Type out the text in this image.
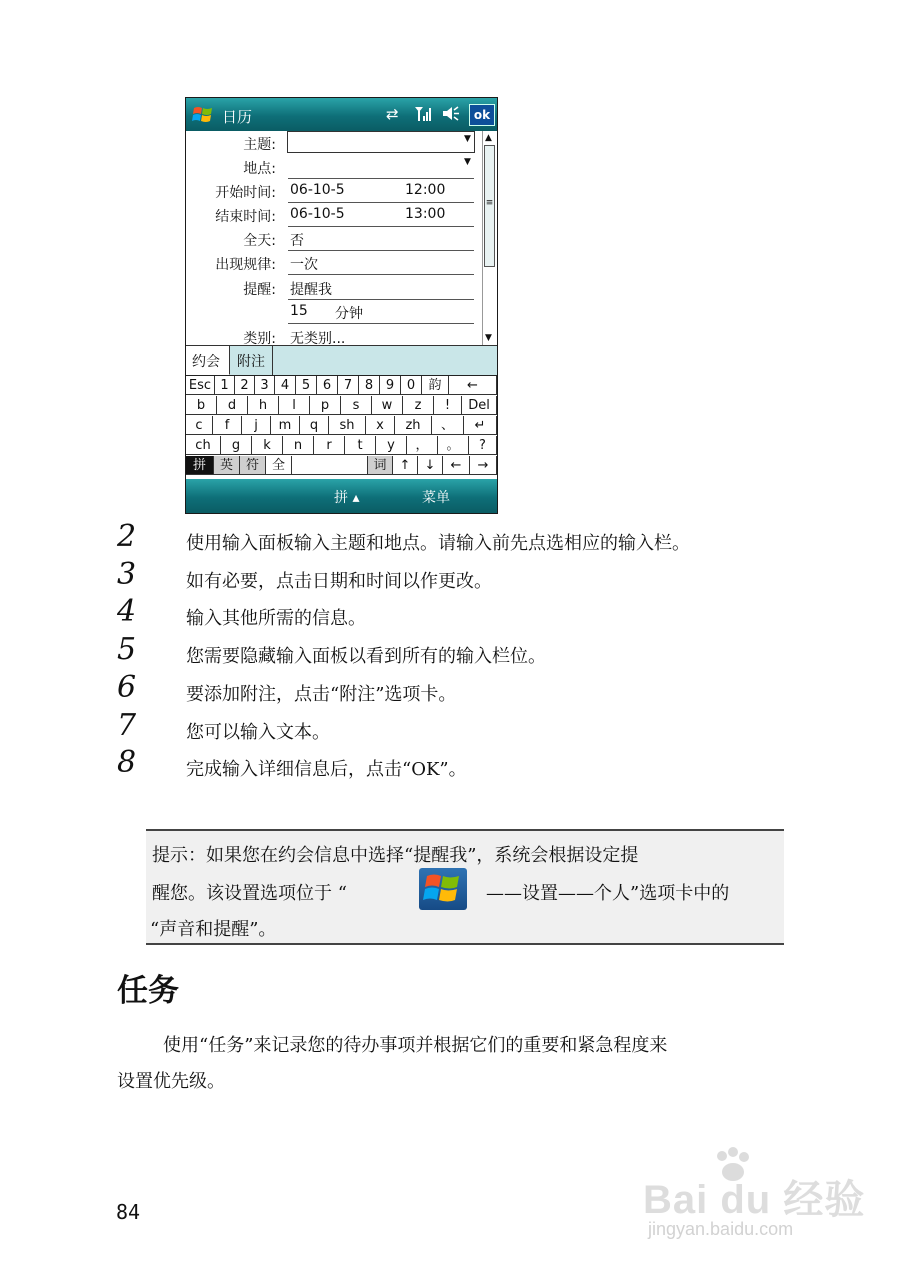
日历	⇄	ok
主题:	▼
地点:	▼
开始时间: 06-10-5	12:00
结束时间: 06-10-5	13:00
全天: 否
出现规律: 一次
提醒: 提醒我
15 分钟
类别: 无类别...
▲
≡
▼
约会	附注
Esc 1 2 3 4 5 6 7 8 9 0	韵	←
b	d	h	l	p	s	w	z	!	Del
c	f	j	m	q	sh	x	zh	、	↵
ch	g	k	n	r	t	y	，	。	?
拼	英 符 全	词	↑	↓	←	→
拼 ▴	菜单
2	使用输入面板输入主题和地点。请输入前先点选相应的输入栏。
3	如有必要，点击日期和时间以作更改。
4	输入其他所需的信息。
5	您需要隐藏输入面板以看到所有的输入栏位。
6	要添加附注，点击“附注”选项卡。
7	您可以输入文本。
8	完成输入详细信息后，点击“OK”。
提示：如果您在约会信息中选择“提醒我”，系统会根据设定提
醒您。该设置选项位于 “	——设置——个人”选项卡中的
“声音和提醒”。
任务
使用“任务”来记录您的待办事项并根据它们的重要和紧急程度来
设置优先级。
84	Bai du 经验
jingyan.baidu.com
